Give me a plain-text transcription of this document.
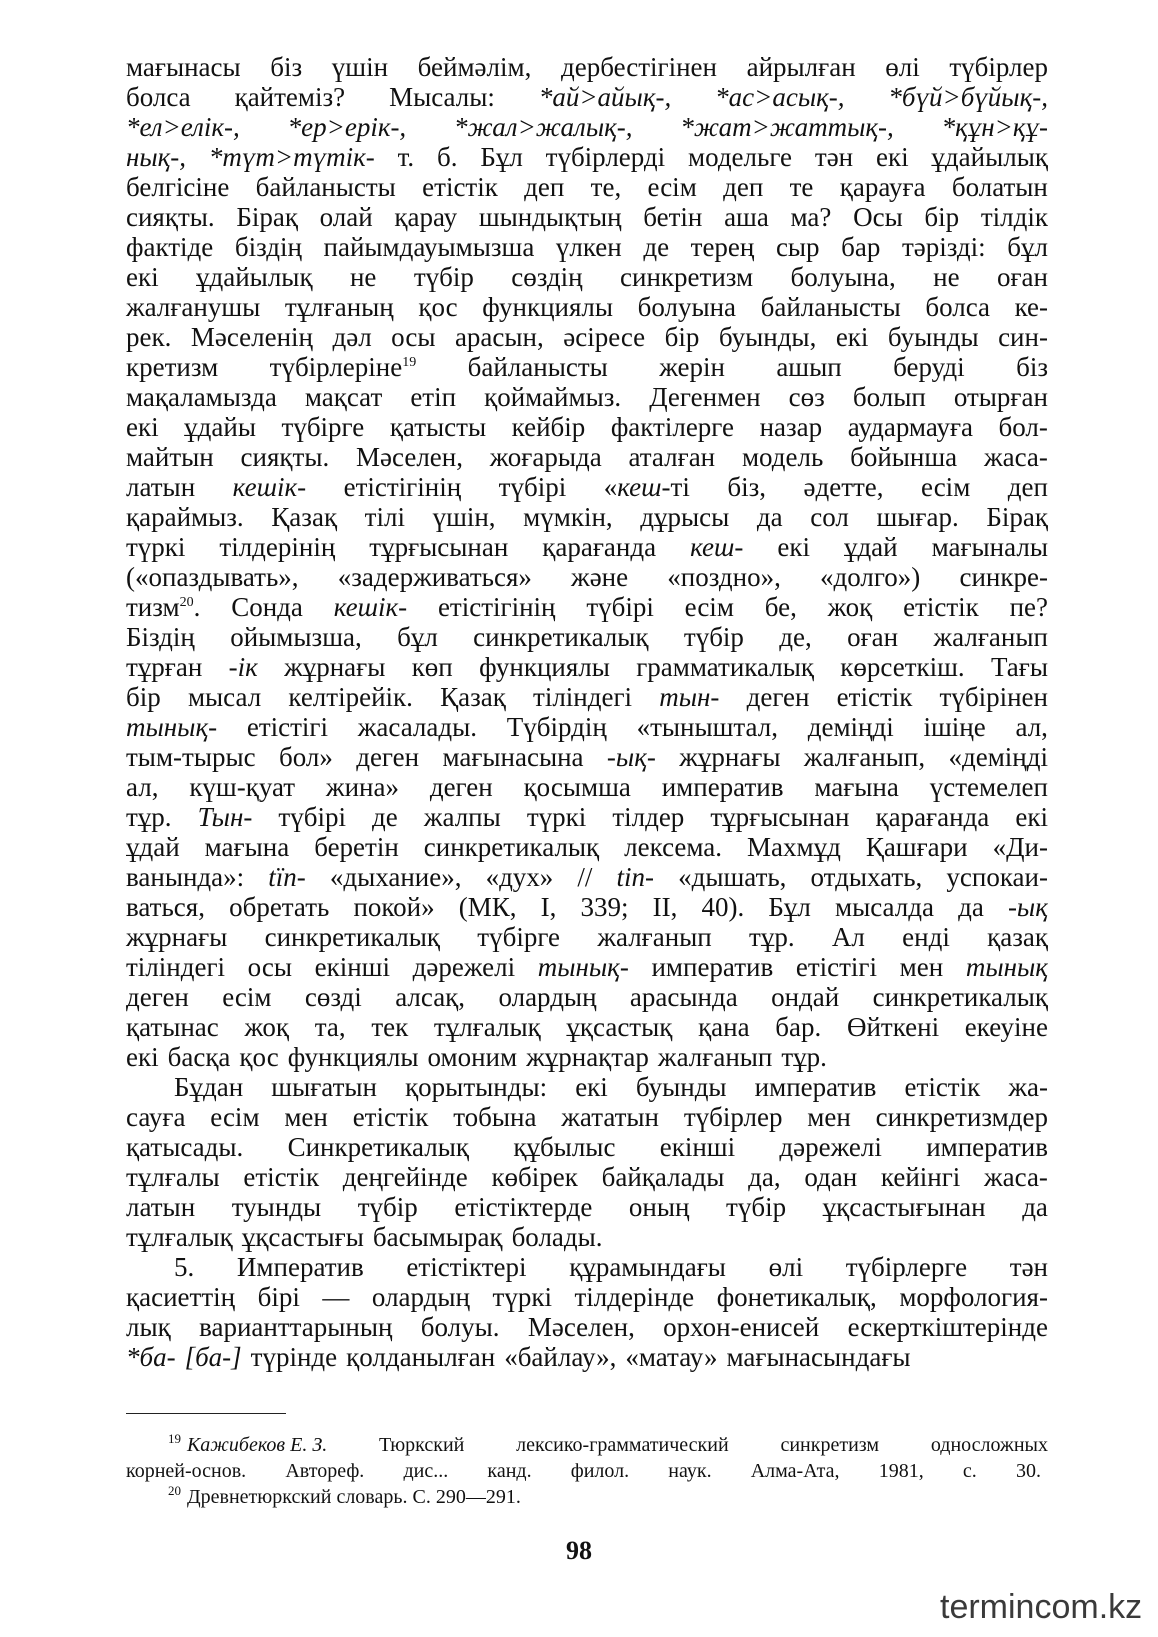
мағынасы біз үшін беймәлім, дербестігінен айрылған өлі түбірлер
болса қайтеміз? Мысалы: *ай>айық-, *ас>асық-, *бүй>бүйық-,
*ел>елік-, *ер>ерік-, *жал>жалық-, *жат>жаттық-, *құн>құ-
нық-, *түт>түтік- т. б. Бұл түбірлерді модельге тән екі ұдайылық
белгісіне байланысты етістік деп те, есім деп те қарауға болатын
сияқты. Бірақ олай қарау шындықтың бетін аша ма? Осы бір тілдік
фактіде біздің пайымдауымызша үлкен де терең сыр бар тәрізді: бұл
екі ұдайылық не түбір сөздің синкретизм болуына, не оған
жалғанушы тұлғаның қос функциялы болуына байланысты болса ке-
рек. Мәселенің дәл осы арасын, әсіресе бір буынды, екі буынды син-
кретизм түбірлеріне$^{19}$ байланысты жерін ашып беруді біз
мақаламызда мақсат етіп қоймаймыз. Дегенмен сөз болып отырған
екі ұдайы түбірге қатысты кейбір фактілерге назар аудармауға бол-
майтын сияқты. Мәселен, жоғарыда аталған модель бойынша жаса-
латын кешік- етістігінің түбірі «кеш-ті біз, әдетте, есім деп
қараймыз. Қазақ тілі үшін, мүмкін, дұрысы да сол шығар. Бірақ
түркі тілдерінің тұрғысынан қарағанда кеш- екі ұдай мағыналы
(«опаздывать», «задерживаться» және «поздно», «долго») синкре-
тизм$^{20}$. Сонда кешік- етістігінің түбірі есім бе, жоқ етістік пе?
Біздің ойымызша, бұл синкретикалық түбір де, оған жалғанып
тұрған -ік жұрнағы көп функциялы грамматикалық көрсеткіш. Тағы
бір мысал келтірейік. Қазақ тіліндегі тын- деген етістік түбірінен
тынық- етістігі жасалады. Түбірдің «тыныштал, деміңді ішіңе ал,
тым-тырыс бол» деген мағынасына -ық- жұрнағы жалғанып, «деміңді
ал, күш-қуат жина» деген қосымша императив мағына үстемелеп
тұр. Тын- түбірі де жалпы түркі тілдер тұрғысынан қарағанда екі
ұдай мағына беретін синкретикалық лексема. Махмұд Қашғари «Ди-
ванында»: tïn- «дыхание», «дух» // tin- «дышать, отдыхать, успокаи-
ваться, обретать покой» (МК, I, 339; II, 40). Бұл мысалда да -ық
жұрнағы синкретикалық түбірге жалғанып тұр. Ал енді қазақ
тіліндегі осы екінші дәрежелі тынық- императив етістігі мен тынық
деген есім сөзді алсақ, олардың арасында ондай синкретикалық
қатынас жоқ та, тек тұлғалық ұқсастық қана бар. Өйткені екеуіне
екі басқа қос функциялы омоним жұрнақтар жалғанып тұр.
Бұдан шығатын қорытынды: екі буынды императив етістік жа-
сауға есім мен етістік тобына жататын түбірлер мен синкретизмдер
қатысады. Синкретикалық құбылыс екінші дәрежелі императив
тұлғалы етістік деңгейінде көбірек байқалады да, одан кейінгі жаса-
латын туынды түбір етістіктерде оның түбір ұқсастығынан да
тұлғалық ұқсастығы басымырақ болады.
5. Императив етістіктері құрамындағы өлі түбірлерге тән
қасиеттің бірі — олардың түркі тілдерінде фонетикалық, морфология-
лық варианттарының болуы. Мәселен, орхон-енисей ескерткіштерінде
*ба- [ба-] түрінде қолданылған «байлау», «матау» мағынасындағы
$^{19}$ Кажибеков Е. З.	Тюркский	лексико-грамматический	синкретизм	односложных
корней-основ. Автореф. дис... канд. филол. наук. Алма-Ата, 1981, с. 30.
$^{20}$ Древнетюркский словарь. С. 290—291.
98
termincom.kz
